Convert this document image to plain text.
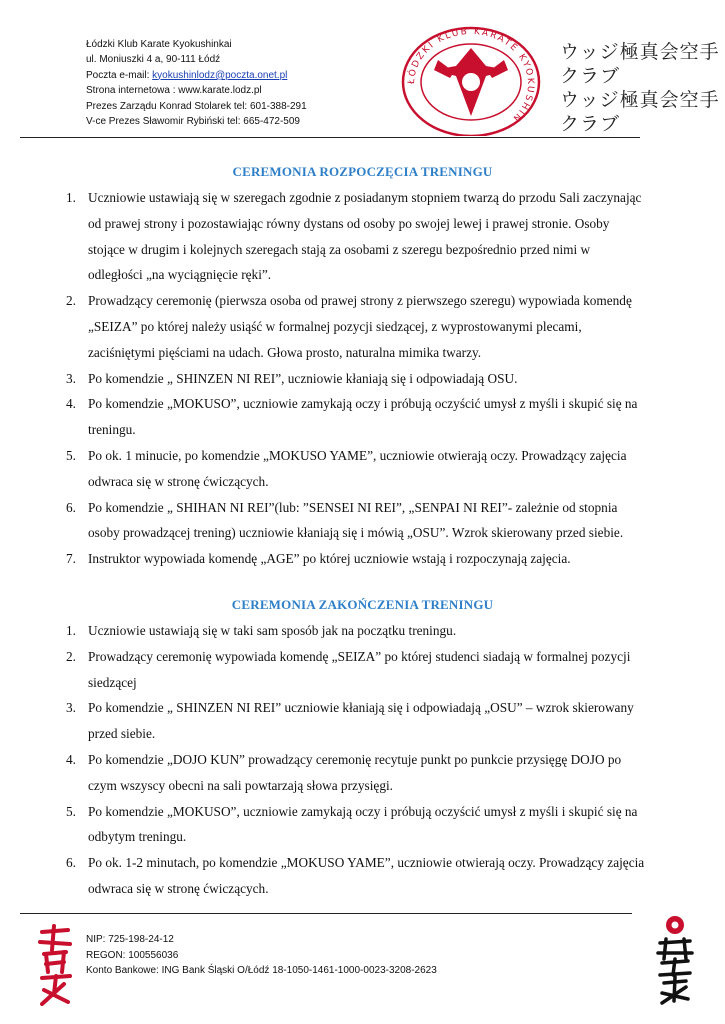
Łódzki Klub Karate Kyokushinkai
ul. Moniuszki 4 a, 90-111 Łódź
Poczta e-mail: kyokushinlodz@poczta.onet.pl
Strona internetowa : www.karate.lodz.pl
Prezes Zarządu Konrad Stolarek tel: 601-388-291
V-ce Prezes Sławomir Rybiński tel: 665-472-509
ŁÓDZKI KLUB KARATE KYOKUSHIN
ウッジ極真会空手
クラブ
ウッジ極真会空手
クラブ
CEREMONIA ROZPOCZĘCIA TRENINGU
1. Uczniowie ustawiają się w szeregach zgodnie z posiadanym stopniem twarzą do przodu Sali zaczynając od prawej strony i pozostawiając równy dystans od osoby po swojej lewej i prawej stronie. Osoby stojące w drugim i kolejnych szeregach stają za osobami z szeregu bezpośrednio przed nimi w odległości „na wyciągnięcie ręki”.
2. Prowadzący ceremonię (pierwsza osoba od prawej strony z pierwszego szeregu) wypowiada komendę „SEIZA” po której należy usiąść w formalnej pozycji siedzącej, z wyprostowanymi plecami, zaciśniętymi pięściami na udach. Głowa prosto, naturalna mimika twarzy.
3. Po komendzie „ SHINZEN NI REI”, uczniowie kłaniają się i odpowiadają OSU.
4. Po komendzie „MOKUSO”, uczniowie zamykają oczy i próbują oczyścić umysł z myśli i skupić się na treningu.
5. Po ok. 1 minucie, po komendzie „MOKUSO YAME”, uczniowie otwierają oczy. Prowadzący zajęcia odwraca się w stronę ćwiczących.
6. Po komendzie „ SHIHAN NI REI”(lub: ”SENSEI NI REI”, „SENPAI NI REI”- zależnie od stopnia osoby prowadzącej trening) uczniowie kłaniają się i mówią „OSU”. Wzrok skierowany przed siebie.
7. Instruktor wypowiada komendę „AGE” po której uczniowie wstają i rozpoczynają zajęcia.
CEREMONIA ZAKOŃCZENIA TRENINGU
1. Uczniowie ustawiają się w taki sam sposób jak na początku treningu.
2. Prowadzący ceremonię wypowiada komendę „SEIZA” po której studenci siadają w formalnej pozycji siedzącej
3. Po komendzie „ SHINZEN NI REI” uczniowie kłaniają się i odpowiadają „OSU” – wzrok skierowany przed siebie.
4. Po komendzie „DOJO KUN” prowadzący ceremonię recytuje punkt po punkcie przysięgę DOJO po czym wszyscy obecni na sali powtarzają słowa przysięgi.
5. Po komendzie „MOKUSO”, uczniowie zamykają oczy i próbują oczyścić umysł z myśli i skupić się na odbytym treningu.
6. Po ok. 1-2 minutach, po komendzie „MOKUSO YAME”, uczniowie otwierają oczy. Prowadzący zajęcia odwraca się w stronę ćwiczących.
NIP: 725-198-24-12
REGON: 100556036
Konto Bankowe: ING Bank Śląski O/Łódź 18-1050-1461-1000-0023-3208-2623
